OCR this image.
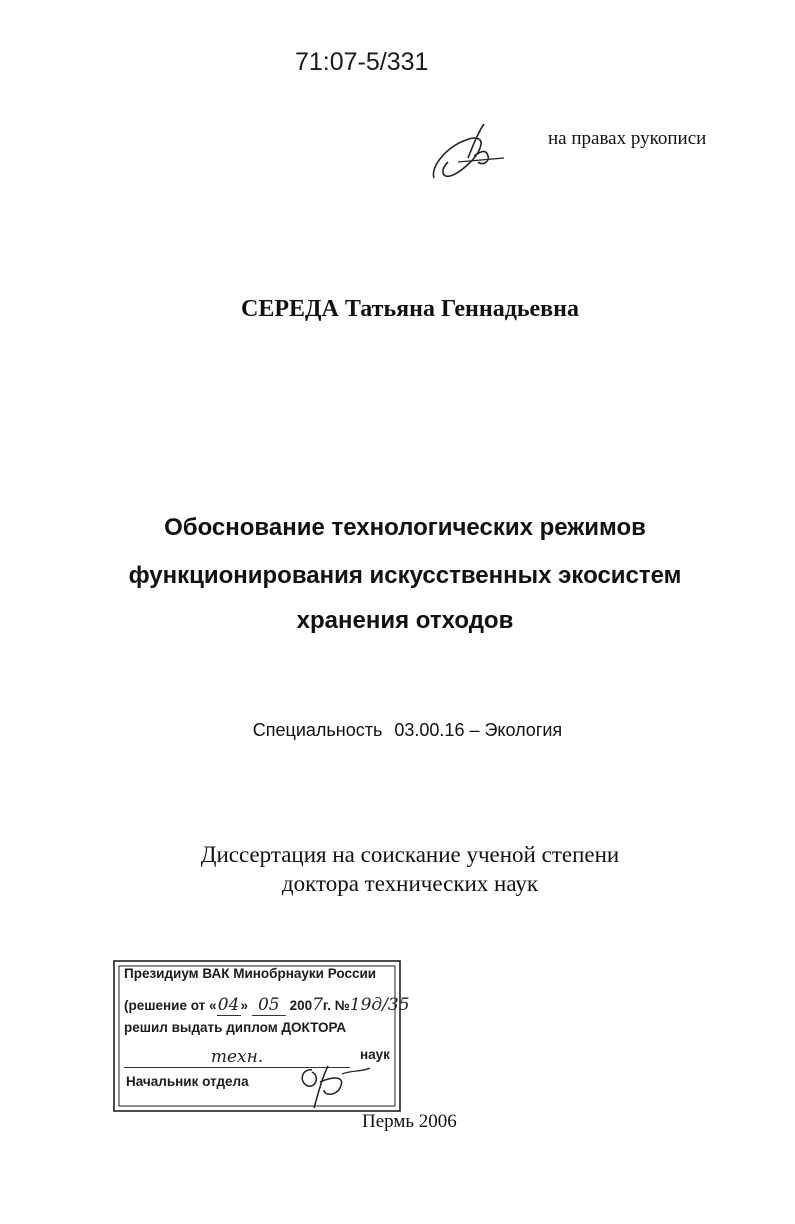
71:07-5/331
на правах рукописи
СЕРЕДА Татьяна Геннадьевна
Обоснование технологических режимов
функционирования искусственных экосистем
хранения отходов
Специальность 03.00.16 – Экология
Диссертация на соискание ученой степени
доктора технических наук
Президиум ВАК Минобрнауки России
(решение от «04» 05 2007г. №19д/35
решил выдать диплом ДОКТОРА
техн.	наук
Начальник отдела
Пермь 2006
